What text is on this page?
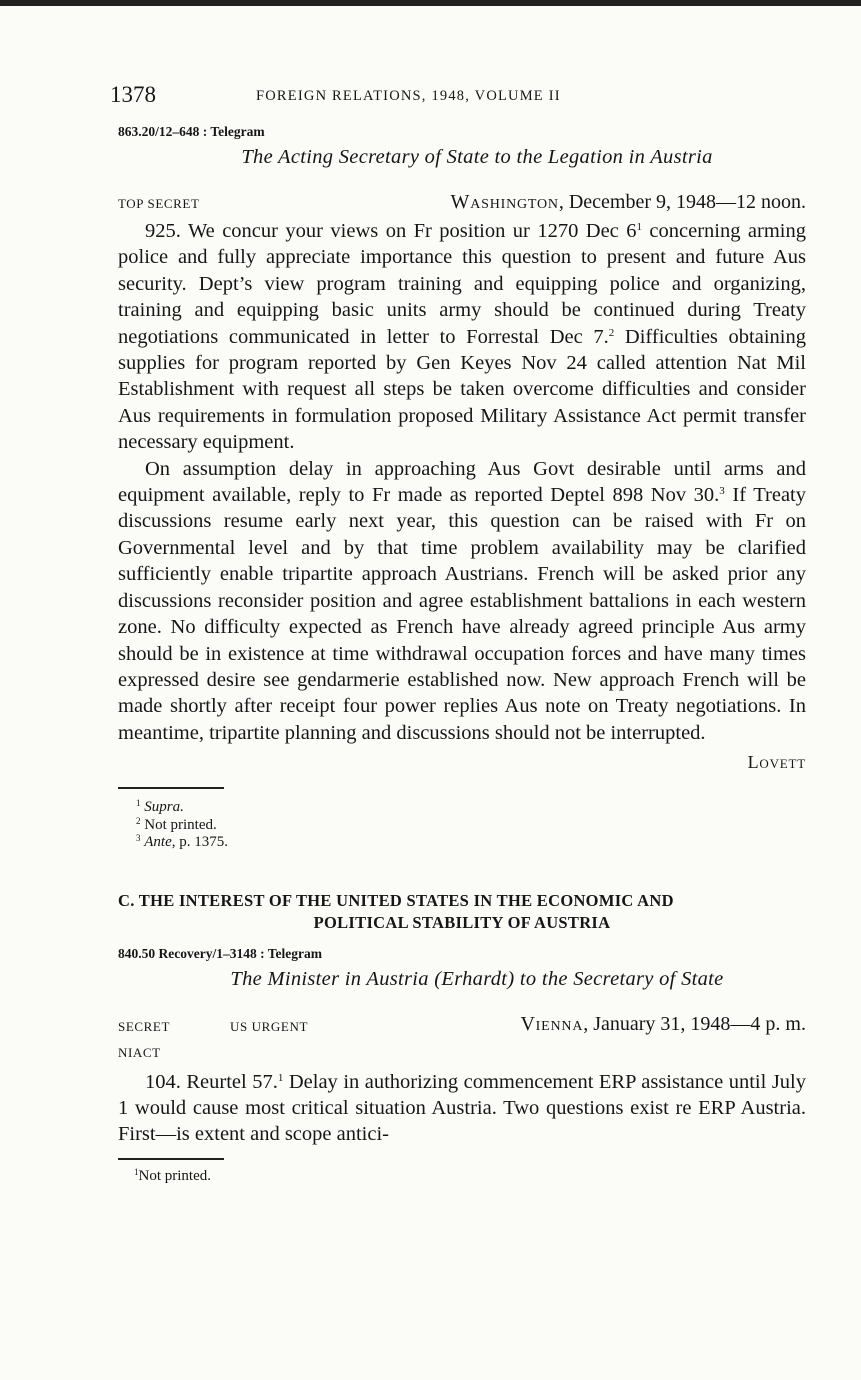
1378	FOREIGN RELATIONS, 1948, VOLUME II
863.20/12–648 : Telegram
The Acting Secretary of State to the Legation in Austria
TOP SECRET	Washington, December 9, 1948—12 noon.

925. We concur your views on Fr position ur 1270 Dec $6^1$ concerning arming police and fully appreciate importance this question to present and future Aus security. Dept’s view program training and equipping police and organizing, training and equipping basic units army should be continued during Treaty negotiations communicated in letter to Forrestal Dec 7.$^2$ Difficulties obtaining supplies for program reported by Gen Keyes Nov 24 called attention Nat Mil Establishment with request all steps be taken overcome difficulties and consider Aus requirements in formulation proposed Military Assistance Act permit transfer necessary equipment.

On assumption delay in approaching Aus Govt desirable until arms and equipment available, reply to Fr made as reported Deptel 898 Nov 30.$^3$ If Treaty discussions resume early next year, this question can be raised with Fr on Governmental level and by that time problem availability may be clarified sufficiently enable tripartite approach Austrians. French will be asked prior any discussions reconsider position and agree establishment battalions in each western zone. No difficulty expected as French have already agreed principle Aus army should be in existence at time withdrawal occupation forces and have many times expressed desire see gendarmerie established now. New approach French will be made shortly after receipt four power replies Aus note on Treaty negotiations. In meantime, tripartite planning and discussions should not be interrupted.

Lovett
$^1$ Supra.
$^2$ Not printed.
$^3$ Ante, p. 1375.
C. THE INTEREST OF THE UNITED STATES IN THE ECONOMIC AND
POLITICAL STABILITY OF AUSTRIA
840.50 Recovery/1–3148 : Telegram
The Minister in Austria (Erhardt) to the Secretary of State
SECRET	US URGENT	Vienna, January 31, 1948—4 p. m.
NIACT

104. Reurtel 57.$^1$ Delay in authorizing commencement ERP assistance until July 1 would cause most critical situation Austria. Two questions exist re ERP Austria. First—is extent and scope antici-

$^1$Not printed.
